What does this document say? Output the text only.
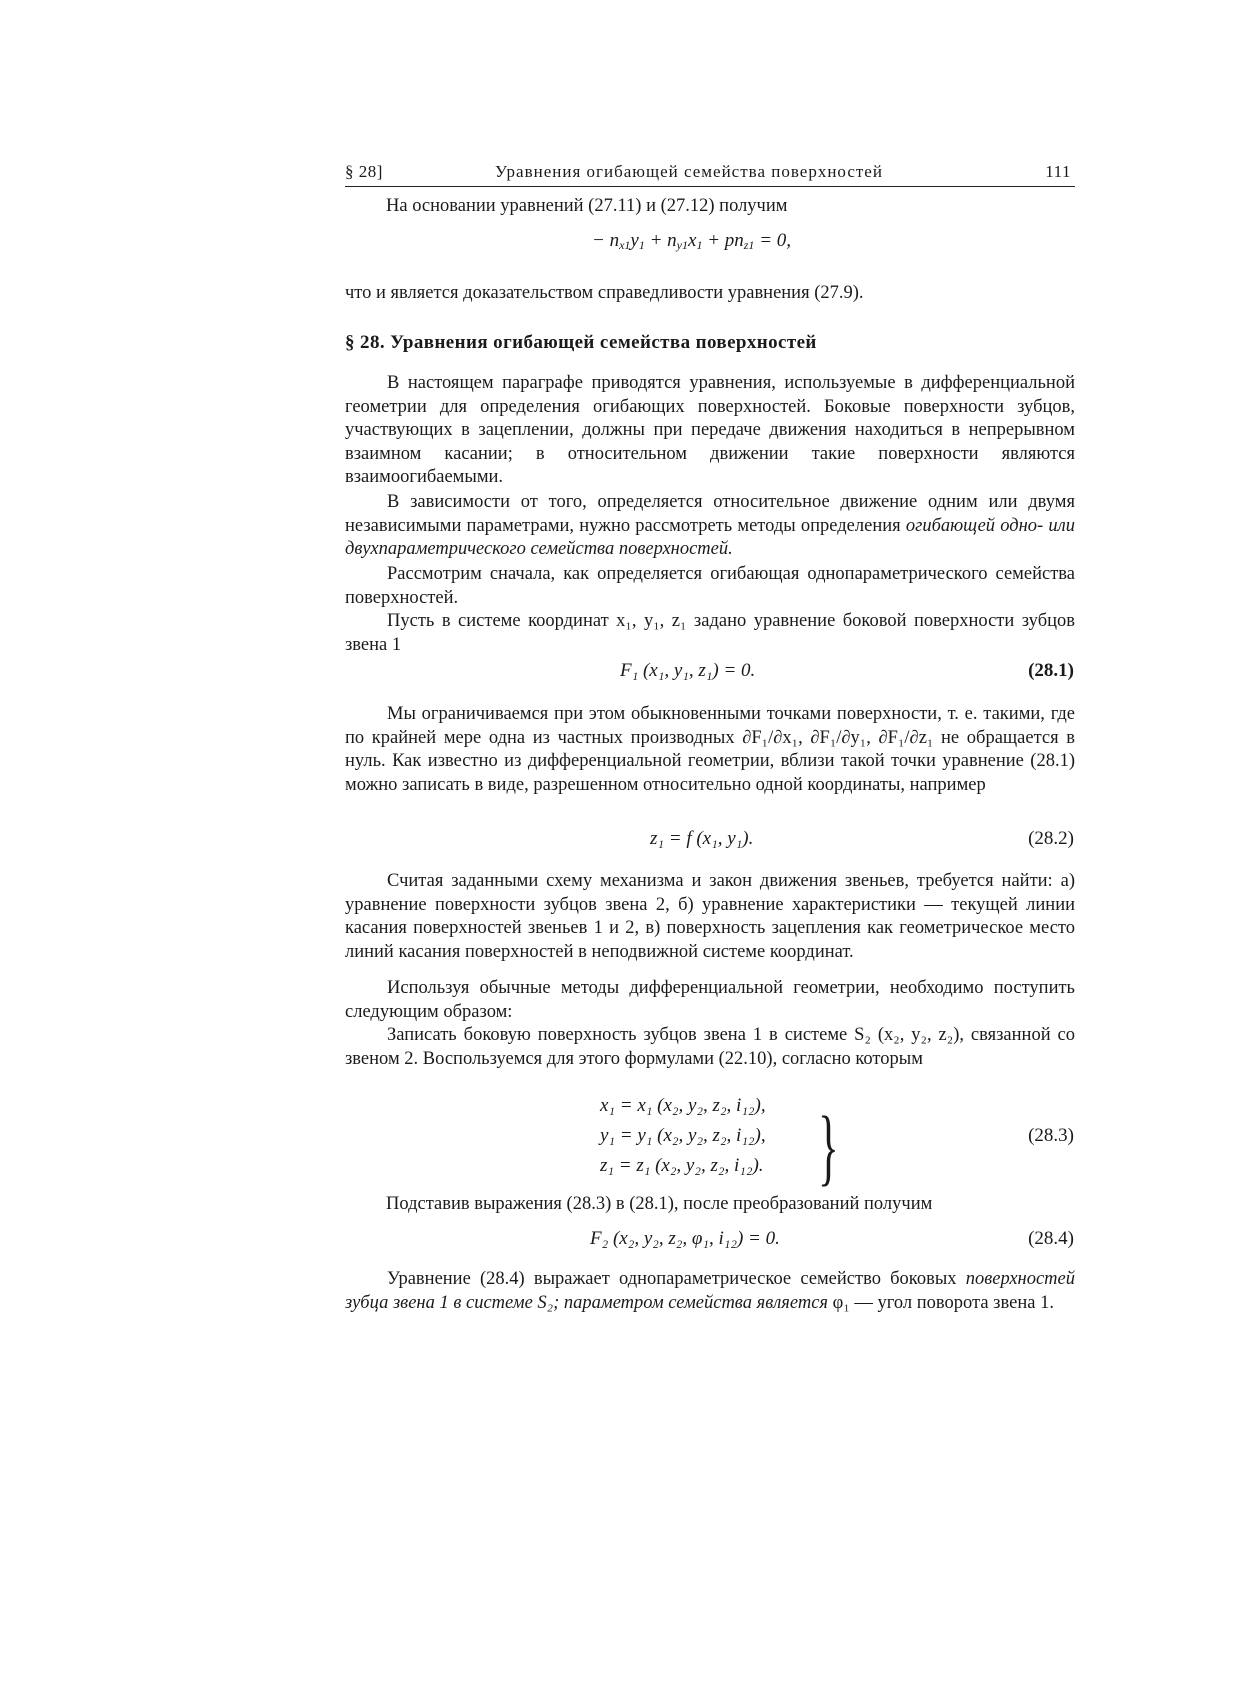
§ 28]	Уравнения огибающей семейства поверхностей	111
На основании уравнений (27.11) и (27.12) получим
− $n_{x1}y_1 + n_{y1}x_1 + pn_{z1} = 0$,
что и является доказательством справедливости уравнения (27.9).
§ 28. Уравнения огибающей семейства поверхностей
В настоящем параграфе приводятся уравнения, используемые в дифференциальной геометрии для определения огибающих поверхностей. Боковые поверхности зубцов, участвующих в зацеплении, должны при передаче движения находиться в непрерывном взаимном касании; в относительном движении такие поверхности являются взаимоогибаемыми.
В зависимости от того, определяется относительное движение одним или двумя независимыми параметрами, нужно рассмотреть методы определения огибающей одно- или двухпараметрического семейства поверхностей.
Рассмотрим сначала, как определяется огибающая однопараметрического семейства поверхностей.
Пусть в системе координат x₁, y₁, z₁ задано уравнение боковой поверхности зубцов звена 1
F₁ (x₁, y₁, z₁) = 0.	(28.1)
Мы ограничиваемся при этом обыкновенными точками поверхности, т. е. такими, где по крайней мере одна из частных производных ∂F₁/∂x₁, ∂F₁/∂y₁, ∂F₁/∂z₁ не обращается в нуль. Как известно из дифференциальной геометрии, вблизи такой точки уравнение (28.1) можно записать в виде, разрешенном относительно одной координаты, например
z₁ = f (x₁, y₁).	(28.2)
Считая заданными схему механизма и закон движения звеньев, требуется найти: а) уравнение поверхности зубцов звена 2, б) уравнение характеристики — текущей линии касания поверхностей звеньев 1 и 2, в) поверхность зацепления как геометрическое место линий касания поверхностей в неподвижной системе координат.
Используя обычные методы дифференциальной геометрии, необходимо поступить следующим образом:
Записать боковую поверхность зубцов звена 1 в системе S₂ (x₂, y₂, z₂), связанной со звеном 2. Воспользуемся для этого формулами (22.10), согласно которым
x₁ = x₁ (x₂, y₂, z₂, i₁₂),
y₁ = y₁ (x₂, y₂, z₂, i₁₂),
z₁ = z₁ (x₂, y₂, z₂, i₁₂). }	(28.3)
Подставив выражения (28.3) в (28.1), после преобразований получим
F₂ (x₂, y₂, z₂, φ₁, i₁₂) = 0.	(28.4)
Уравнение (28.4) выражает однопараметрическое семейство боковых поверхностей зубца звена 1 в системе S₂; параметром семейства является φ₁ — угол поворота звена 1.
